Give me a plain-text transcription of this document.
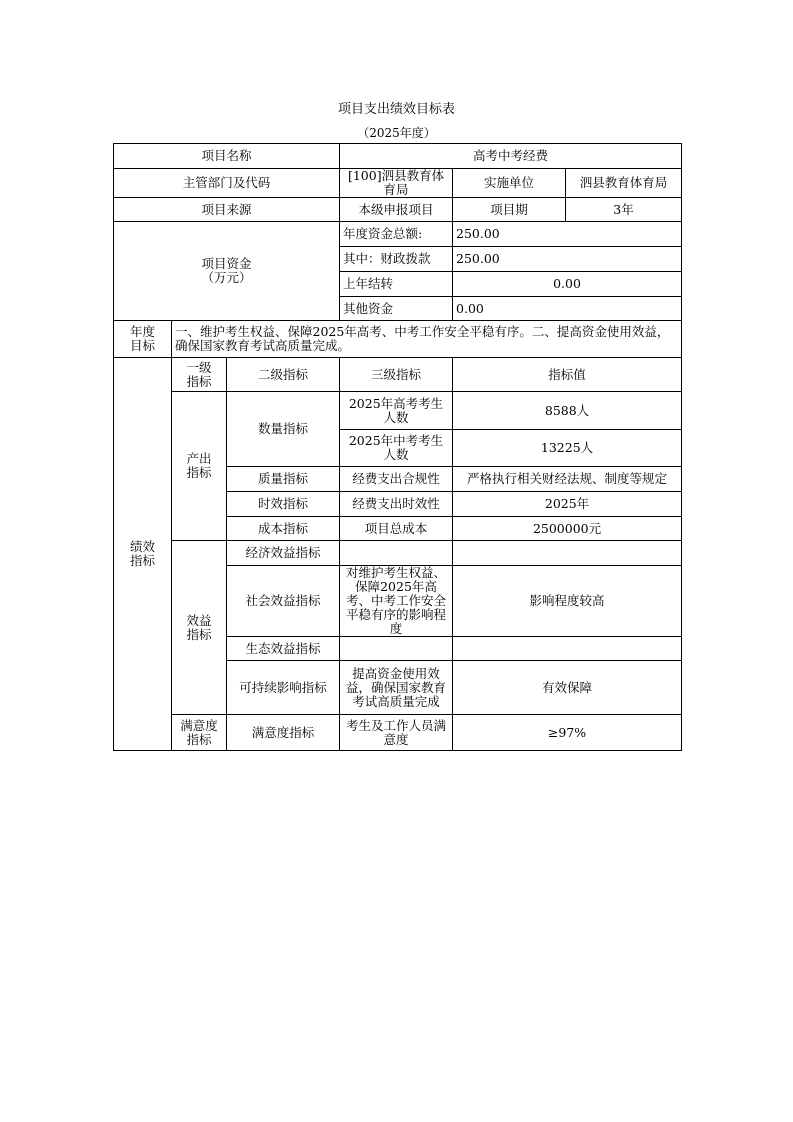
项目支出绩效目标表
（2025年度）
项目名称			高考中考经费		
主管部门及代码			[100]泗县教育体育局	实施单位	泗县教育体育局
项目来源			本级申报项目	项目期	3年

项目资金
（万元）			年度资金总额:	250.00	
			其中：财政拨款	250.00	
			上年结转	0.00	
			其他资金	0.00	

年度
目标	一、维护考生权益、保障2025年高考、中考工作安全平稳有序。二、提高资金使用效益，确保国家教育考试高质量完成。				
绩效指标	一级指标	二级指标	三级指标	指标值	
	产出指标	数量指标	2025年高考考生人数	8588人	
			2025年中考考生人数	13225人	
		质量指标	经费支出合规性	严格执行相关财经法规、制度等规定	
		时效指标	经费支出时效性	2025年	
		成本指标	项目总成本	2500000元	
	效益指标	经济效益指标			
		社会效益指标	对维护考生权益、保障2025年高考、中考工作安全平稳有序的影响程度	影响程度较高	
		生态效益指标			
		可持续影响指标	提高资金使用效益，确保国家教育考试高质量完成	有效保障	
	满意度指标	满意度指标	考生及工作人员满意度	≥97%	
